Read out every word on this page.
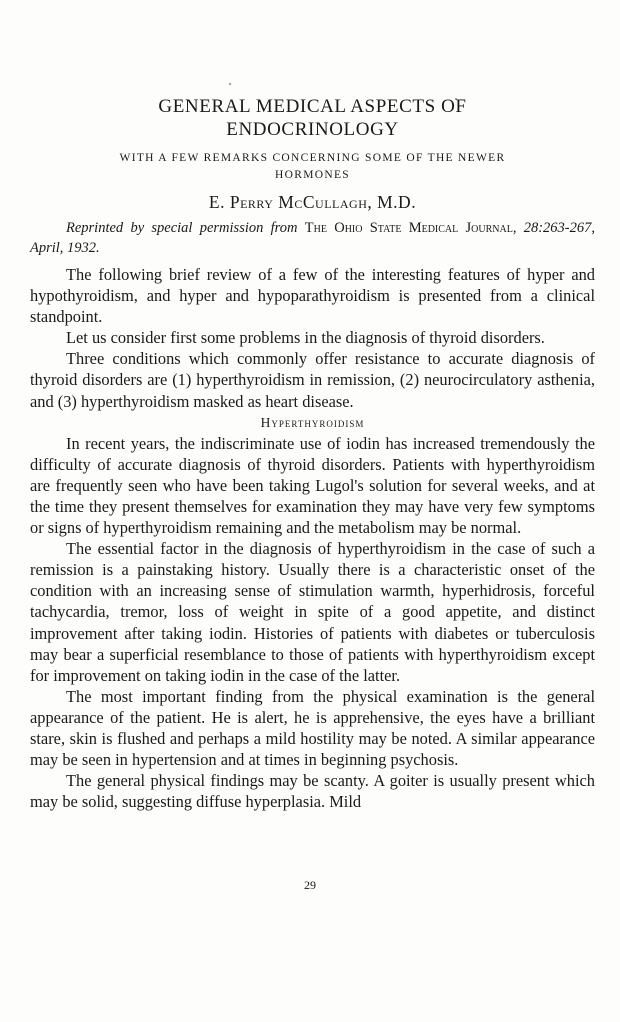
GENERAL MEDICAL ASPECTS OF
ENDOCRINOLOGY
WITH A FEW REMARKS CONCERNING SOME OF THE NEWER
HORMONES
E. Perry McCullagh, M.D.
Reprinted by special permission from The Ohio State Medical Journal, 28:263-267, April, 1932.

The following brief review of a few of the interesting features of hyper and hypothyroidism, and hyper and hypoparathyroidism is presented from a clinical standpoint.

Let us consider first some problems in the diagnosis of thyroid disorders.

Three conditions which commonly offer resistance to accurate diagnosis of thyroid disorders are (1) hyperthyroidism in remission, (2) neurocirculatory asthenia, and (3) hyperthyroidism masked as heart disease.

Hyperthyroidism

In recent years, the indiscriminate use of iodin has increased tremendously the difficulty of accurate diagnosis of thyroid disorders. Patients with hyperthyroidism are frequently seen who have been taking Lugol's solution for several weeks, and at the time they present themselves for examination they may have very few symptoms or signs of hyperthyroidism remaining and the metabolism may be normal.

The essential factor in the diagnosis of hyperthyroidism in the case of such a remission is a painstaking history. Usually there is a characteristic onset of the condition with an increasing sense of stimulation warmth, hyperhidrosis, forceful tachycardia, tremor, loss of weight in spite of a good appetite, and distinct improvement after taking iodin. Histories of patients with diabetes or tuberculosis may bear a superficial resemblance to those of patients with hyperthyroidism except for improvement on taking iodin in the case of the latter.

The most important finding from the physical examination is the general appearance of the patient. He is alert, he is apprehensive, the eyes have a brilliant stare, skin is flushed and perhaps a mild hostility may be noted. A similar appearance may be seen in hypertension and at times in beginning psychosis.

The general physical findings may be scanty. A goiter is usually present which may be solid, suggesting diffuse hyperplasia. Mild

29
